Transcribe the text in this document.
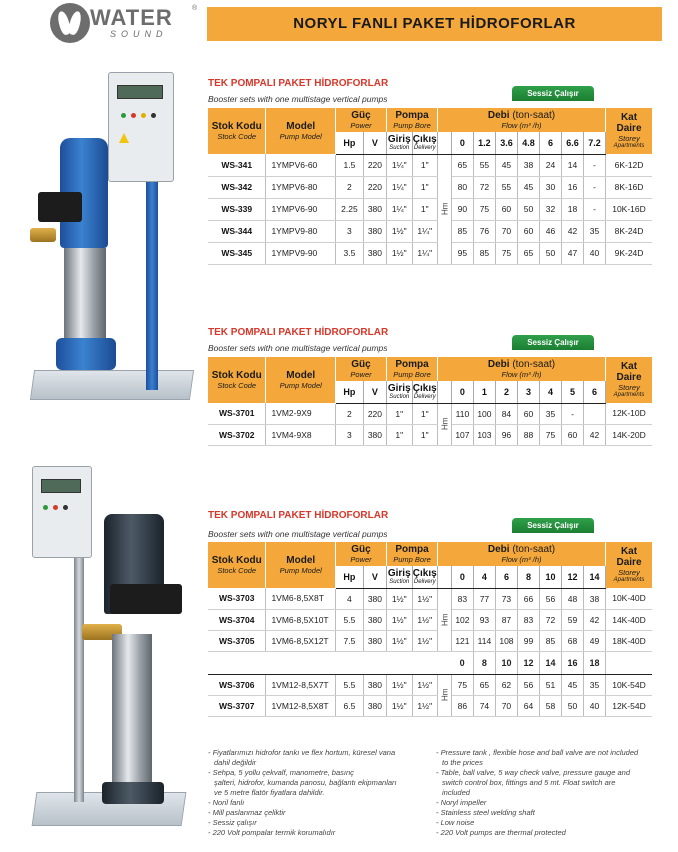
WATER	®
SOUND
NORYL FANLI PAKET HİDROFORLAR
TEK POMPALI PAKET HİDROFORLAR
Booster sets with one multistage vertical pumps
Sessiz Çalışır
Stok Kodu
Stock Code	Model
Pump Model	Güç
Power		Pompa
Pump Bore		Debi (ton-saat)
Flow (m³ /h)								Kat
Daire
Storey
Apartments

		Hp	V	Giriş
Suction	Çıkış
Delivery		0	1.2	3.6	4.8	6	6.6	7.2	
WS-341	1YMPV6-60	1.5	220	1¼"	1"	Hm	65	55	45	38	24	14	-	6K-12D
WS-342	1YMPV6-80	2	220	1¼"	1"		80	72	55	45	30	16	-	8K-16D
WS-339	1YMPV6-90	2.25	380	1¼"	1"		90	75	60	50	32	18	-	10K-16D
WS-344	1YMPV9-80	3	380	1½"	1¼"		85	76	70	60	46	42	35	8K-24D
WS-345	1YMPV9-90	3.5	380	1½"	1¼"		95	85	75	65	50	47	40	9K-24D
TEK POMPALI PAKET HİDROFORLAR
Booster sets with one multistage vertical pumps
Sessiz Çalışır
Stok Kodu
Stock Code	Model
Pump Model	Güç
Power		Pompa
Pump Bore		Debi (ton-saat)
Flow (m³ /h)								Kat
Daire
Storey
Apartments

		Hp	V	Giriş
Suction	Çıkış
Delivery		0	1	2	3	4	5	6	
WS-3701	1VM2-9X9	2	220	1"	1"	Hm	110	100	84	60	35	-		12K-10D
WS-3702	1VM4-9X8	3	380	1"	1"		107	103	96	88	75	60	42	14K-20D
TEK POMPALI PAKET HİDROFORLAR
Booster sets with one multistage vertical pumps
Sessiz Çalışır
Stok Kodu
Stock Code	Model
Pump Model	Güç
Power		Pompa
Pump Bore		Debi (ton-saat)
Flow (m³ /h)								Kat
Daire
Storey
Apartments

		Hp	V	Giriş
Suction	Çıkış
Delivery		0	4	6	8	10	12	14	
WS-3703	1VM6-8,5X8T	4	380	1½"	1½"	Hm	83	77	73	66	56	48	38	10K-40D
WS-3704	1VM6-8,5X10T	5.5	380	1½"	1½"		102	93	87	83	72	59	42	14K-40D
WS-3705	1VM6-8,5X12T	7.5	380	1½"	1½"		121	114	108	99	85	68	49	18K-40D
							0	8	10	12	14	16	18	
WS-3706	1VM12-8,5X7T	5.5	380	1½"	1½"	Hm	75	65	62	56	51	45	35	10K-54D
WS-3707	1VM12-8,5X8T	6.5	380	1½"	1½"		86	74	70	64	58	50	40	12K-54D
- Fiyatlarımızı hidrofor tankı ve flex hortum, küresel vana
dahil değildir
- Sehpa, 5 yollu çekvalf, manometre, basınç
şalteri, hidrofor, kumanda panosu, bağlantı ekipmanları
ve 5 metre flatör fiyatlara dahildir.
- Noril fanlı
- Mill paslanmaz çeliktir
- Sessiz çalışır
- 220 Volt pompalar termik korumalıdır
- Pressure tank , flexible hose and ball valve are not included
to the prices
- Table, ball valve, 5 way check valve, pressure gauge and
switch control box, fittings and 5 mt. Float switch are
included
- Noryl impeller
- Stainless steel welding shaft
- Low noise
- 220 Volt pumps are thermal protected
